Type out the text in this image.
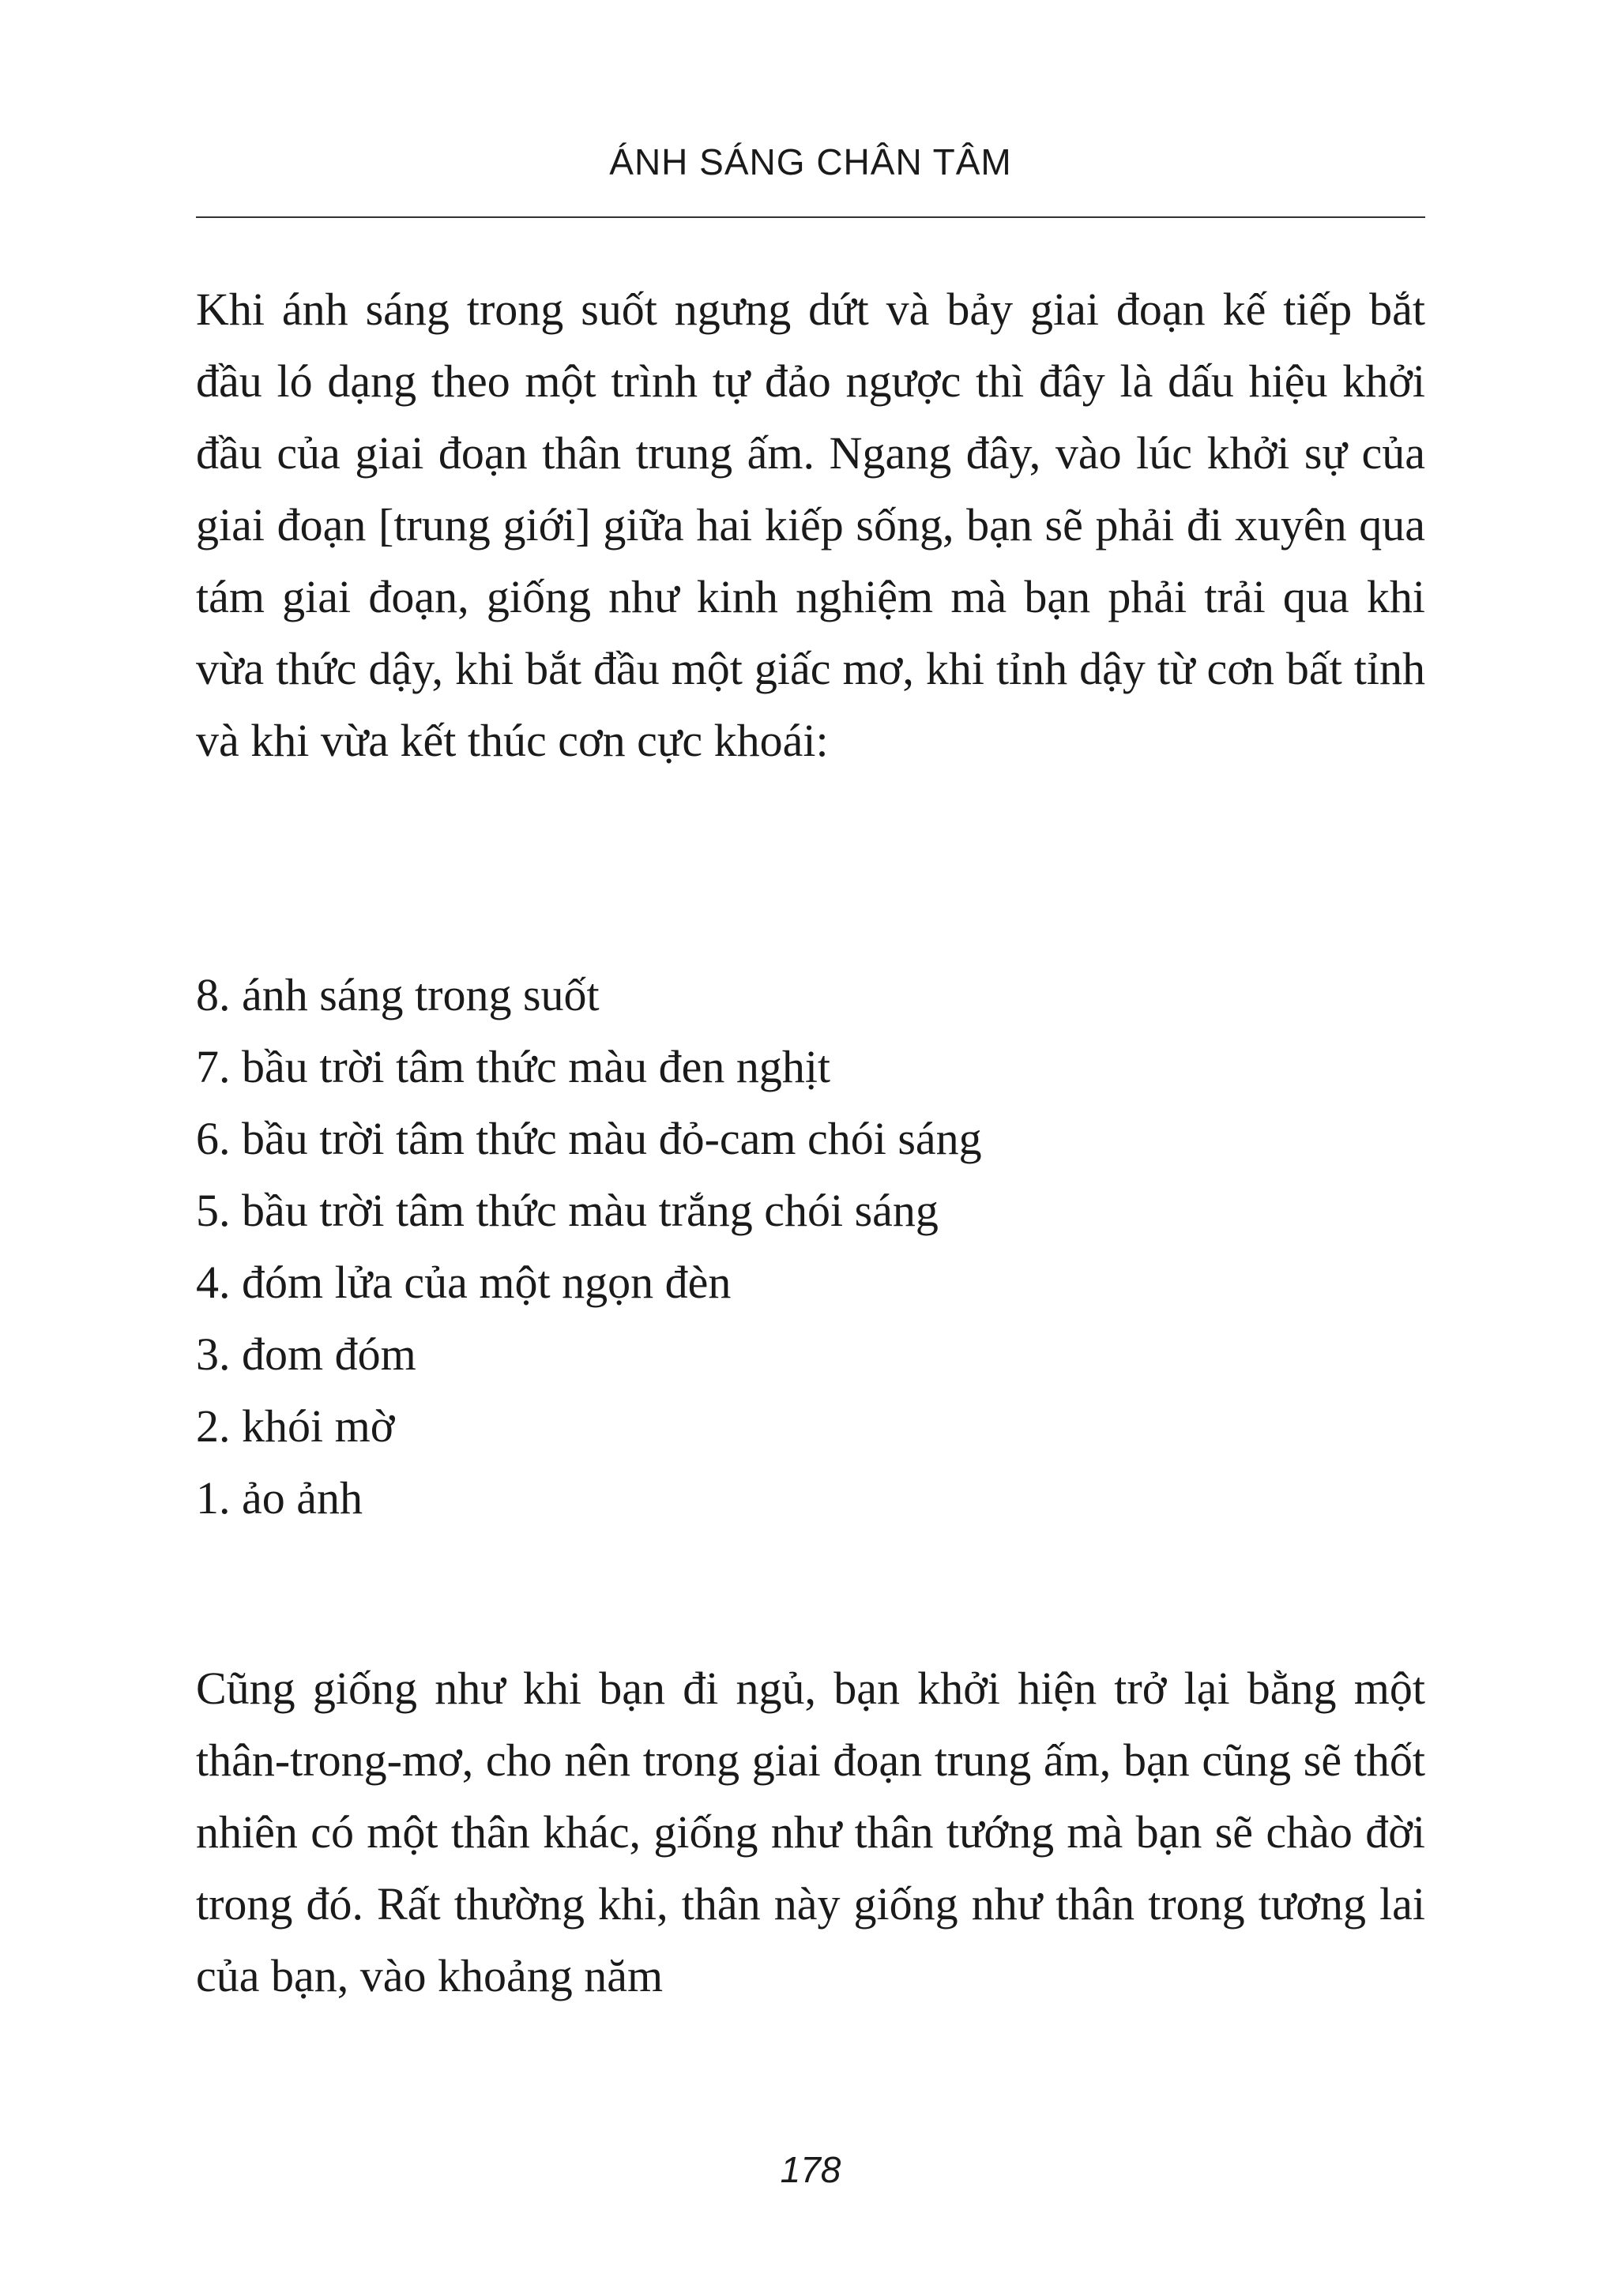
ÁNH SÁNG CHÂN TÂM

Khi ánh sáng trong suốt ngưng dứt và bảy giai đoạn kế tiếp bắt đầu ló dạng theo một trình tự đảo ngược thì đây là dấu hiệu khởi đầu của giai đoạn thân trung ấm. Ngang đây, vào lúc khởi sự của giai đoạn [trung giới] giữa hai kiếp sống, bạn sẽ phải đi xuyên qua tám giai đoạn, giống như kinh nghiệm mà bạn phải trải qua khi vừa thức dậy, khi bắt đầu một giấc mơ, khi tỉnh dậy từ cơn bất tỉnh và khi vừa kết thúc cơn cực khoái:

8. ánh sáng trong suốt
7. bầu trời tâm thức màu đen nghịt
6. bầu trời tâm thức màu đỏ-cam chói sáng
5. bầu trời tâm thức màu trắng chói sáng
4. đóm lửa của một ngọn đèn
3. đom đóm
2. khói mờ
1. ảo ảnh

Cũng giống như khi bạn đi ngủ, bạn khởi hiện trở lại bằng một thân-trong-mơ, cho nên trong giai đoạn trung ấm, bạn cũng sẽ thốt nhiên có một thân khác, giống như thân tướng mà bạn sẽ chào đời trong đó. Rất thường khi, thân này giống như thân trong tương lai của bạn, vào khoảng năm

178
